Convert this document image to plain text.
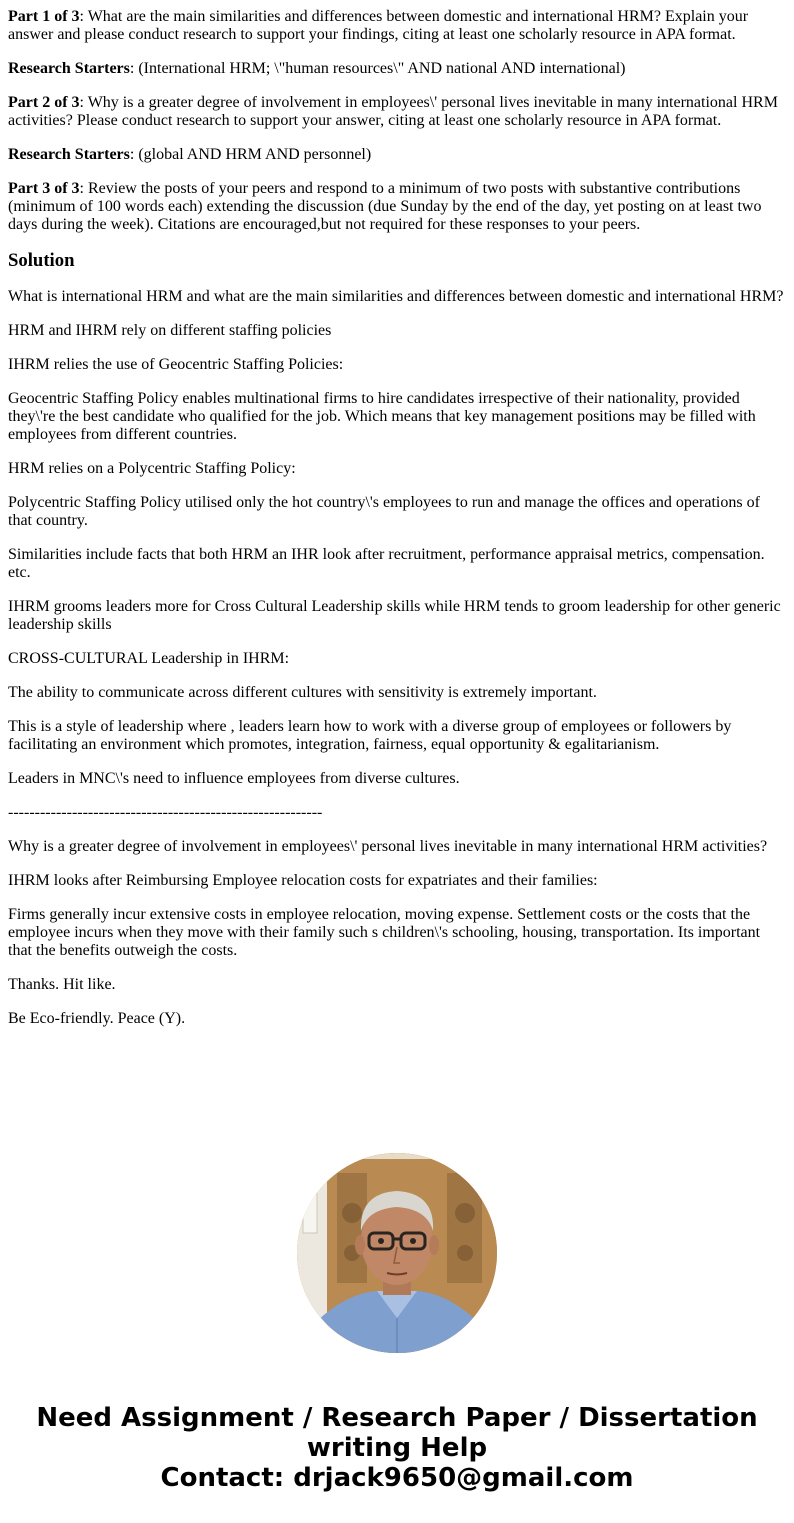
Part 1 of 3: What are the main similarities and differences between domestic and international HRM? Explain your answer and please conduct research to support your findings, citing at least one scholarly resource in APA format.

Research Starters: (International HRM; \"human resources\" AND national AND international)

Part 2 of 3: Why is a greater degree of involvement in employees\' personal lives inevitable in many international HRM activities? Please conduct research to support your answer, citing at least one scholarly resource in APA format.

Research Starters: (global AND HRM AND personnel)

Part 3 of 3: Review the posts of your peers and respond to a minimum of two posts with substantive contributions (minimum of 100 words each) extending the discussion (due Sunday by the end of the day, yet posting on at least two days during the week). Citations are encouraged,but not required for these responses to your peers.

Solution

What is international HRM and what are the main similarities and differences between domestic and international HRM?

HRM and IHRM rely on different staffing policies

IHRM relies the use of Geocentric Staffing Policies:

Geocentric Staffing Policy enables multinational firms to hire candidates irrespective of their nationality, provided they\'re the best candidate who qualified for the job. Which means that key management positions may be filled with employees from different countries.

HRM relies on a Polycentric Staffing Policy:

Polycentric Staffing Policy utilised only the hot country\'s employees to run and manage the offices and operations of that country.

Similarities include facts that both HRM an IHR look after recruitment, performance appraisal metrics, compensation. etc.

IHRM grooms leaders more for Cross Cultural Leadership skills while HRM tends to groom leadership for other generic leadership skills

CROSS-CULTURAL Leadership in IHRM:

The ability to communicate across different cultures with sensitivity is extremely important.

This is a style of leadership where , leaders learn how to work with a diverse group of employees or followers by facilitating an environment which promotes, integration, fairness, equal opportunity & egalitarianism.

Leaders in MNC\'s need to influence employees from diverse cultures.

-----------------------------------------------------------

Why is a greater degree of involvement in employees\' personal lives inevitable in many international HRM activities?

IHRM looks after Reimbursing Employee relocation costs for expatriates and their families:

Firms generally incur extensive costs in employee relocation, moving expense. Settlement costs or the costs that the employee incurs when they move with their family such s children\'s schooling, housing, transportation. Its important that the benefits outweigh the costs.

Thanks. Hit like.

Be Eco-friendly. Peace (Y).

Need Assignment / Research Paper / Dissertation writing Help
Contact: drjack9650@gmail.com
